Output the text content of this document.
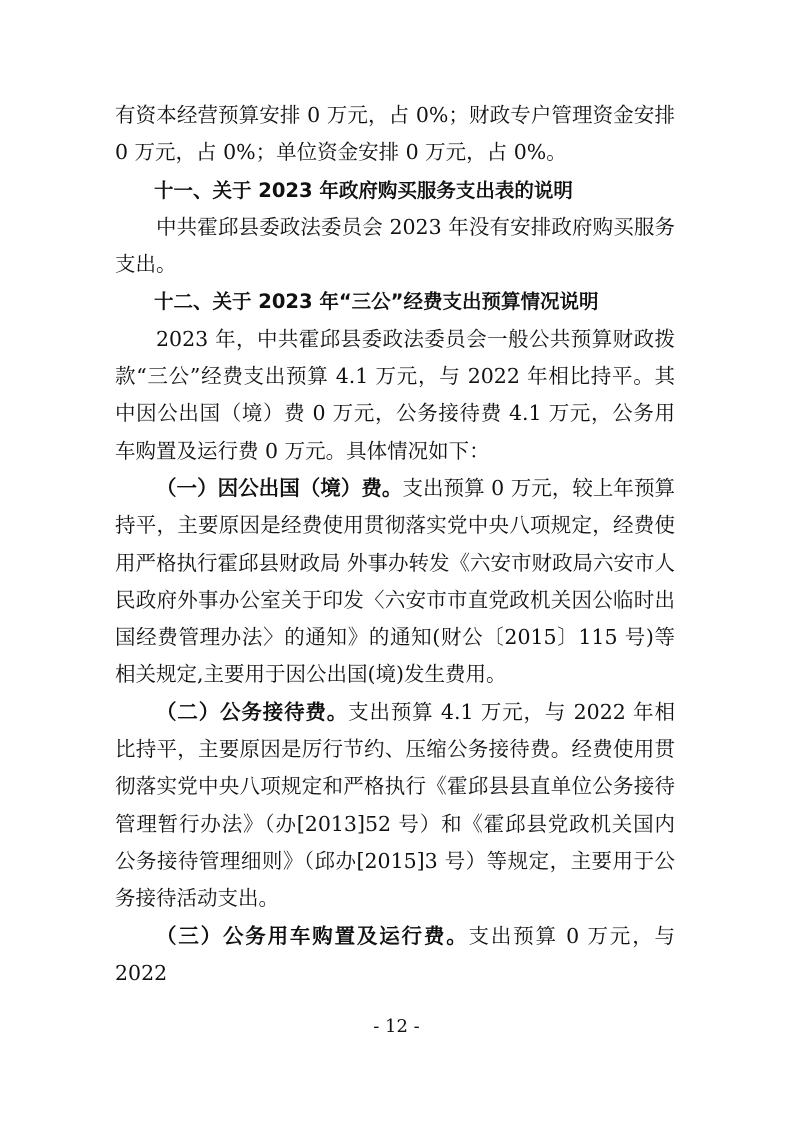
有资本经营预算安排 0 万元，占 0%；财政专户管理资金安排 0 万元，占 0%；单位资金安排 0 万元，占 0%。

十一、关于 2023 年政府购买服务支出表的说明

中共霍邱县委政法委员会 2023 年没有安排政府购买服务支出。

十二、关于 2023 年“三公”经费支出预算情况说明

2023 年，中共霍邱县委政法委员会一般公共预算财政拨款“三公”经费支出预算 4.1 万元，与 2022 年相比持平。其中因公出国（境）费 0 万元，公务接待费 4.1 万元，公务用车购置及运行费 0 万元。具体情况如下：

（一）因公出国（境）费。支出预算 0 万元，较上年预算持平，主要原因是经费使用贯彻落实党中央八项规定，经费使用严格执行霍邱县财政局 外事办转发《六安市财政局六安市人民政府外事办公室关于印发〈六安市市直党政机关因公临时出国经费管理办法〉的通知》的通知(财公〔2015〕115 号)等相关规定,主要用于因公出国(境)发生费用。

（二）公务接待费。支出预算 4.1 万元，与 2022 年相比持平，主要原因是厉行节约、压缩公务接待费。经费使用贯彻落实党中央八项规定和严格执行《霍邱县县直单位公务接待管理暂行办法》（办[2013]52 号）和《霍邱县党政机关国内公务接待管理细则》（邱办[2015]3 号）等规定，主要用于公务接待活动支出。

（三）公务用车购置及运行费。支出预算 0 万元，与 2022

- 12 -
